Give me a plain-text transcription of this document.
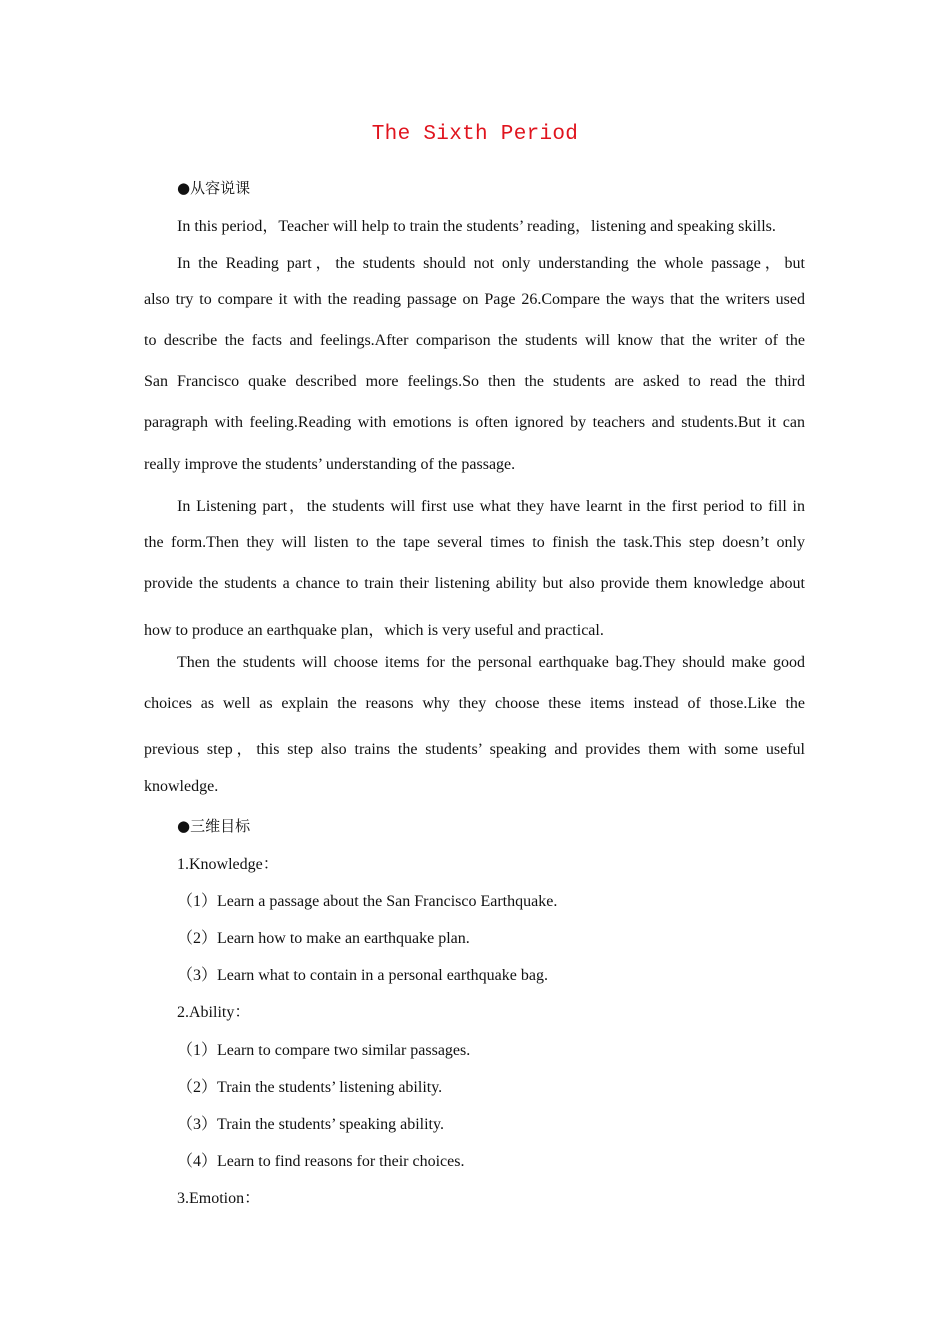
The Sixth Period
●从容说课
In this period，Teacher will help to train the students’ reading，listening and speaking skills.
In the Reading part，the students should not only understanding the whole passage，but
also try to compare it with the reading passage on Page 26.Compare the ways that the writers used
to describe the facts and feelings.After comparison the students will know that the writer of the
San Francisco quake described more feelings.So then the students are asked to read the third
paragraph with feeling.Reading with emotions is often ignored by teachers and students.But it can
really improve the students’ understanding of the passage.
In Listening part，the students will first use what they have learnt in the first period to fill in
the form.Then they will listen to the tape several times to finish the task.This step doesn’t only
provide the students a chance to train their listening ability but also provide them knowledge about
how to produce an earthquake plan，which is very useful and practical.
Then the students will choose items for the personal earthquake bag.They should make good
choices as well as explain the reasons why they choose these items instead of those.Like the
previous step，this step also trains the students’ speaking and provides them with some useful
knowledge.
●三维目标
1.Knowledge：
（1）Learn a passage about the San Francisco Earthquake.
（2）Learn how to make an earthquake plan.
（3）Learn what to contain in a personal earthquake bag.
2.Ability：
（1）Learn to compare two similar passages.
（2）Train the students’ listening ability.
（3）Train the students’ speaking ability.
（4）Learn to find reasons for their choices.
3.Emotion：
